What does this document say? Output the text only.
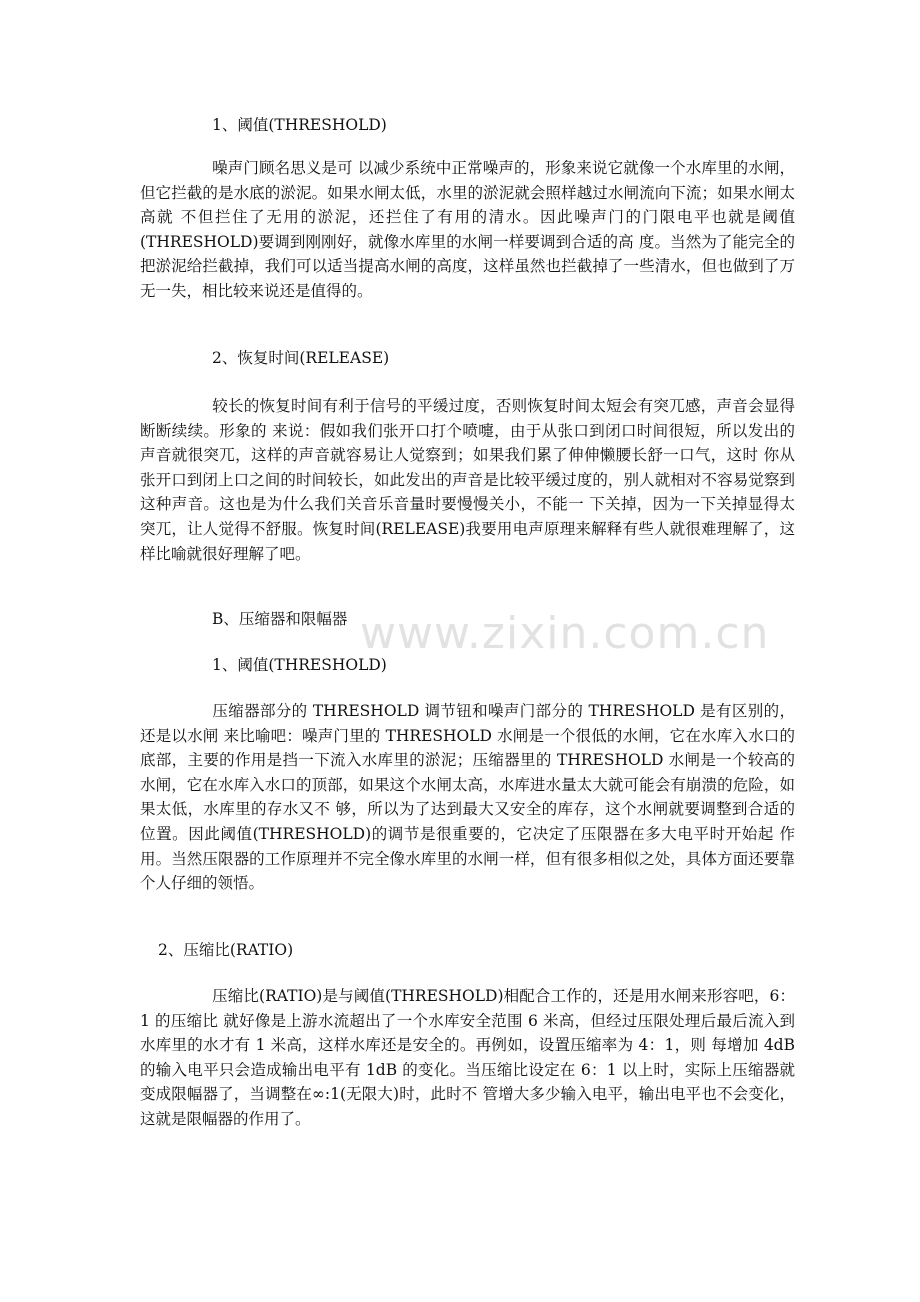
1、阈值(THRESHOLD)

噪声门顾名思义是可 以减少系统中正常噪声的，形象来说它就像一个水库里的水闸，但它拦截的是水底的淤泥。如果水闸太低，水里的淤泥就会照样越过水闸流向下流；如果水闸太高就 不但拦住了无用的淤泥，还拦住了有用的清水。因此噪声门的门限电平也就是阈值(THRESHOLD)要调到刚刚好，就像水库里的水闸一样要调到合适的高 度。当然为了能完全的把淤泥给拦截掉，我们可以适当提高水闸的高度，这样虽然也拦截掉了一些清水，但也做到了万无一失，相比较来说还是值得的。

2、恢复时间(RELEASE)

较长的恢复时间有利于信号的平缓过度，否则恢复时间太短会有突兀感，声音会显得断断续续。形象的 来说：假如我们张开口打个喷嚏，由于从张口到闭口时间很短，所以发出的声音就很突兀，这样的声音就容易让人觉察到；如果我们累了伸伸懒腰长舒一口气，这时 你从张开口到闭上口之间的时间较长，如此发出的声音是比较平缓过度的，别人就相对不容易觉察到这种声音。这也是为什么我们关音乐音量时要慢慢关小，不能一 下关掉，因为一下关掉显得太突兀，让人觉得不舒服。恢复时间(RELEASE)我要用电声原理来解释有些人就很难理解了，这样比喻就很好理解了吧。

B、压缩器和限幅器
1、阈值(THRESHOLD)

压缩器部分的 THRESHOLD 调节钮和噪声门部分的 THRESHOLD 是有区别的，还是以水闸 来比喻吧：噪声门里的 THRESHOLD 水闸是一个很低的水闸，它在水库入水口的底部，主要的作用是挡一下流入水库里的淤泥；压缩器里的 THRESHOLD 水闸是一个较高的水闸，它在水库入水口的顶部，如果这个水闸太高，水库进水量太大就可能会有崩溃的危险，如果太低，水库里的存水又不 够，所以为了达到最大又安全的库存，这个水闸就要调整到合适的位置。因此阈值(THRESHOLD)的调节是很重要的，它决定了压限器在多大电平时开始起 作用。当然压限器的工作原理并不完全像水库里的水闸一样，但有很多相似之处，具体方面还要靠个人仔细的领悟。

2、压缩比(RATIO)

压缩比(RATIO)是与阈值(THRESHOLD)相配合工作的，还是用水闸来形容吧，6：1 的压缩比 就好像是上游水流超出了一个水库安全范围 6 米高，但经过压限处理后最后流入到水库里的水才有 1 米高，这样水库还是安全的。再例如，设置压缩率为 4：1，则 每增加 4dB 的输入电平只会造成输出电平有 1dB 的变化。当压缩比设定在 6：1 以上时，实际上压缩器就变成限幅器了，当调整在∞:1(无限大)时，此时不 管增大多少输入电平，输出电平也不会变化，这就是限幅器的作用了。

www.zixin.com.cn
